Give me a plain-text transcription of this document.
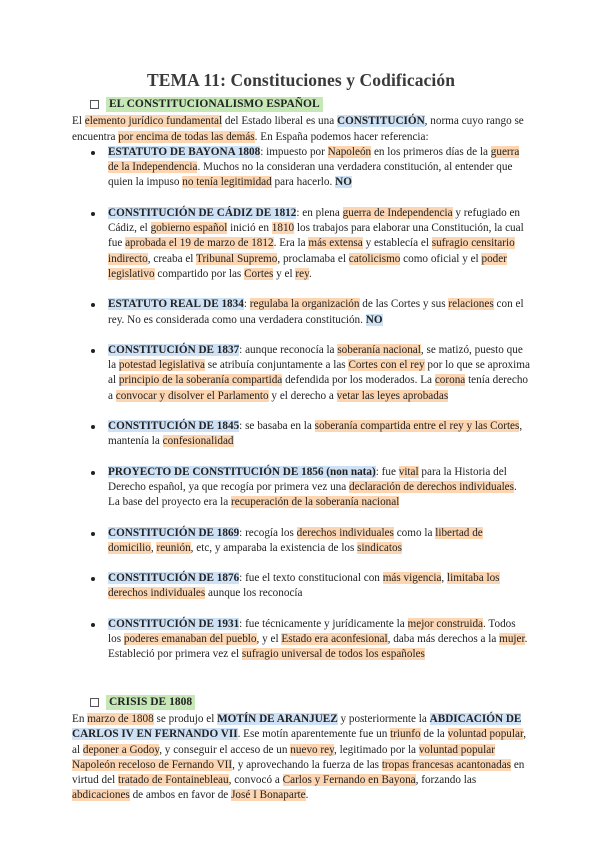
TEMA 11: Constituciones y Codificación
EL CONSTITUCIONALISMO ESPAÑOL

El elemento jurídico fundamental del Estado liberal es una CONSTITUCIÓN, norma cuyo rango se encuentra por encima de todas las demás. En España podemos hacer referencia:

ESTATUTO DE BAYONA 1808: impuesto por Napoleón en los primeros días de la guerra de la Independencia. Muchos no la consideran una verdadera constitución, al entender que quien la impuso no tenía legitimidad para hacerlo. NO
CONSTITUCIÓN DE CÁDIZ DE 1812: en plena guerra de Independencia y refugiado en Cádiz, el gobierno español inició en 1810 los trabajos para elaborar una Constitución, la cual fue aprobada el 19 de marzo de 1812. Era la más extensa y establecía el sufragio censitario indirecto, creaba el Tribunal Supremo, proclamaba el catolicismo como oficial y el poder legislativo compartido por las Cortes y el rey.
ESTATUTO REAL DE 1834: regulaba la organización de las Cortes y sus relaciones con el rey. No es considerada como una verdadera constitución. NO
CONSTITUCIÓN DE 1837: aunque reconocía la soberanía nacional, se matizó, puesto que la potestad legislativa se atribuía conjuntamente a las Cortes con el rey por lo que se aproxima al principio de la soberanía compartida defendida por los moderados. La corona tenía derecho a convocar y disolver el Parlamento y el derecho a vetar las leyes aprobadas
CONSTITUCIÓN DE 1845: se basaba en la soberanía compartida entre el rey y las Cortes, mantenía la confesionalidad
PROYECTO DE CONSTITUCIÓN DE 1856 (non nata): fue vital para la Historia del Derecho español, ya que recogía por primera vez una declaración de derechos individuales. La base del proyecto era la recuperación de la soberanía nacional
CONSTITUCIÓN DE 1869: recogía los derechos individuales como la libertad de domicilio, reunión, etc, y amparaba la existencia de los sindicatos
CONSTITUCIÓN DE 1876: fue el texto constitucional con más vigencia, limitaba los derechos individuales aunque los reconocía
CONSTITUCIÓN DE 1931: fue técnicamente y jurídicamente la mejor construida. Todos los poderes emanaban del pueblo, y el Estado era aconfesional, daba más derechos a la mujer. Estableció por primera vez el sufragio universal de todos los españoles
CRISIS DE 1808

En marzo de 1808 se produjo el MOTÍN DE ARANJUEZ y posteriormente la ABDICACIÓN DE CARLOS IV EN FERNANDO VII. Ese motín aparentemente fue un triunfo de la voluntad popular, al deponer a Godoy, y conseguir el acceso de un nuevo rey, legitimado por la voluntad popular Napoleón receloso de Fernando VII, y aprovechando la fuerza de las tropas francesas acantonadas en virtud del tratado de Fontainebleau, convocó a Carlos y Fernando en Bayona, forzando las abdicaciones de ambos en favor de José I Bonaparte.
